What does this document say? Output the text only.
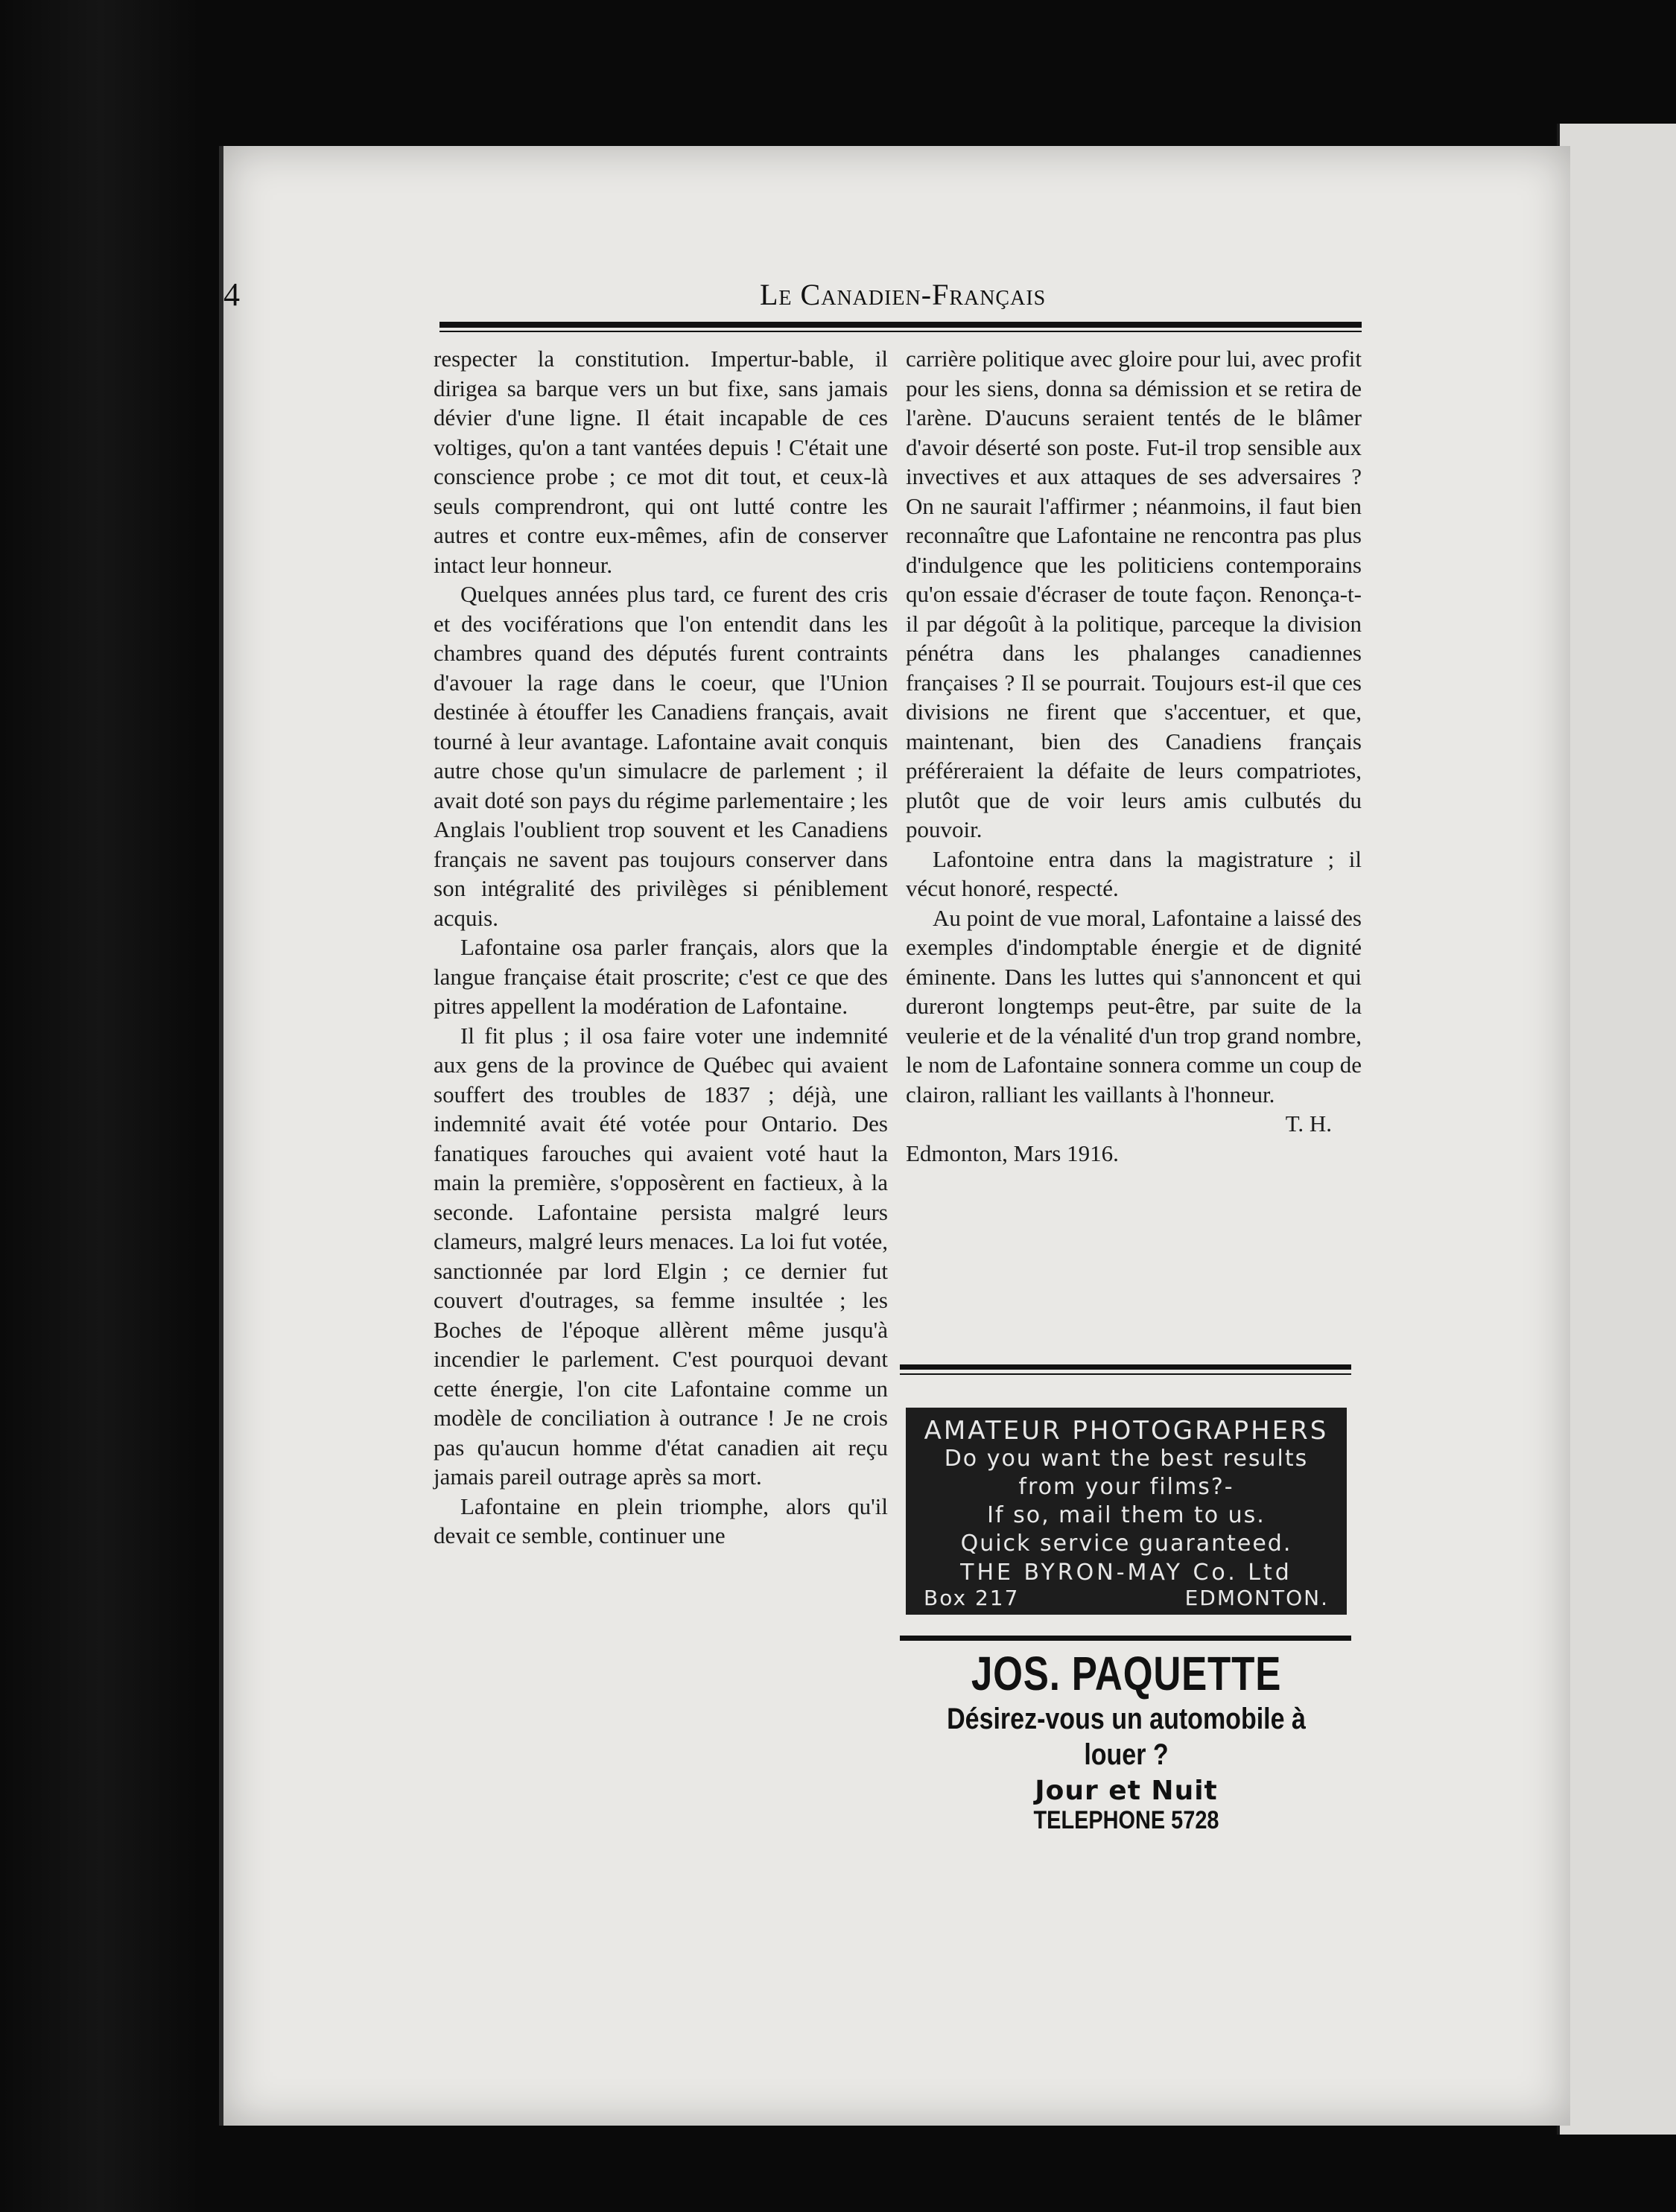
4	Le Canadien-Français

respecter la constitution. Impertur-bable, il dirigea sa barque vers un but fixe, sans jamais dévier d'une ligne. Il était incapable de ces voltiges, qu'on a tant vantées depuis ! C'était une conscience probe ; ce mot dit tout, et ceux-là seuls comprendront, qui ont lutté contre les autres et contre eux-mêmes, afin de conserver intact leur honneur.

Quelques années plus tard, ce furent des cris et des vociférations que l'on entendit dans les chambres quand des députés furent contraints d'avouer la rage dans le coeur, que l'Union destinée à étouffer les Canadiens français, avait tourné à leur avantage. Lafontaine avait conquis autre chose qu'un simulacre de parlement ; il avait doté son pays du régime parlementaire ; les Anglais l'oublient trop souvent et les Canadiens français ne savent pas toujours conserver dans son intégralité des privilèges si péniblement acquis.

Lafontaine osa parler français, alors que la langue française était proscrite; c'est ce que des pitres appellent la modération de Lafontaine.

Il fit plus ; il osa faire voter une indemnité aux gens de la province de Québec qui avaient souffert des troubles de 1837 ; déjà, une indemnité avait été votée pour Ontario. Des fanatiques farouches qui avaient voté haut la main la première, s'opposèrent en factieux, à la seconde. Lafontaine persista malgré leurs clameurs, malgré leurs menaces. La loi fut votée, sanctionnée par lord Elgin ; ce dernier fut couvert d'outrages, sa femme insultée ; les Boches de l'époque allèrent même jusqu'à incendier le parlement. C'est pourquoi devant cette énergie, l'on cite Lafontaine comme un modèle de conciliation à outrance ! Je ne crois pas qu'aucun homme d'état canadien ait reçu jamais pareil outrage après sa mort.

Lafontaine en plein triomphe, alors qu'il devait ce semble, continuer une

carrière politique avec gloire pour lui, avec profit pour les siens, donna sa démission et se retira de l'arène. D'aucuns seraient tentés de le blâmer d'avoir déserté son poste. Fut-il trop sensible aux invectives et aux attaques de ses adversaires ? On ne saurait l'affirmer ; néanmoins, il faut bien reconnaître que Lafontaine ne rencontra pas plus d'indulgence que les politiciens contemporains qu'on essaie d'écraser de toute façon. Renonça-t-il par dégoût à la politique, parceque la division pénétra dans les phalanges canadiennes françaises ? Il se pourrait. Toujours est-il que ces divisions ne firent que s'accentuer, et que, maintenant, bien des Canadiens français préféreraient la défaite de leurs compatriotes, plutôt que de voir leurs amis culbutés du pouvoir.

Lafontoine entra dans la magistrature ; il vécut honoré, respecté.

Au point de vue moral, Lafontaine a laissé des exemples d'indomptable énergie et de dignité éminente. Dans les luttes qui s'annoncent et qui dureront longtemps peut-être, par suite de la veulerie et de la vénalité d'un trop grand nombre, le nom de Lafontaine sonnera comme un coup de clairon, ralliant les vaillants à l'honneur.

T. H.

Edmonton, Mars 1916.

AMATEUR PHOTOGRAPHERS
Do you want the best results
from your films?-
If so, mail them to us.
Quick service guaranteed.
THE BYRON-MAY Co. Ltd
Box 217	EDMONTON.
JOS. PAQUETTE
Désirez-vous un automobile à
louer ?
Jour et Nuit
TELEPHONE 5728
